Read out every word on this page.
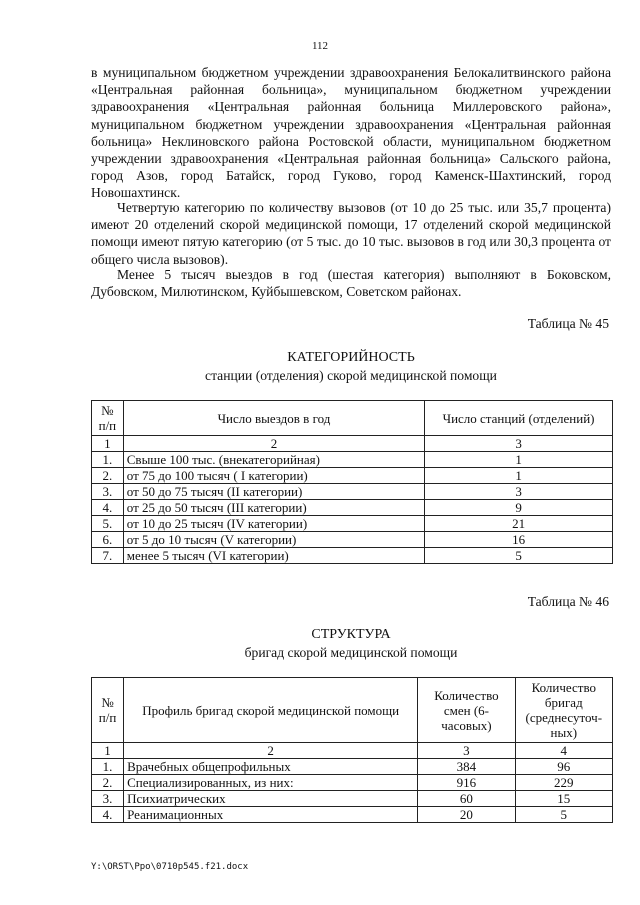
112

в муниципальном бюджетном учреждении здравоохранения Белокалитвинского района «Центральная районная больница», муниципальном бюджетном учреждении здравоохранения «Центральная районная больница Миллеровского района», муниципальном бюджетном учреждении здравоохранения «Центральная районная больница» Неклиновского района Ростовской области, муниципальном бюджетном учреждении здравоохранения «Центральная районная больница» Сальского района, город Азов, город Батайск, город Гуково, город Каменск-Шахтинский, город Новошахтинск.

Четвертую категорию по количеству вызовов (от 10 до 25 тыс. или 35,7 процента) имеют 20 отделений скорой медицинской помощи, 17 отделений скорой медицинской помощи имеют пятую категорию (от 5 тыс. до 10 тыс. вызовов в год или 30,3 процента от общего числа вызовов).

Менее 5 тысяч выездов в год (шестая категория) выполняют в Боковском, Дубовском, Милютинском, Куйбышевском, Советском районах.

Таблица № 45
КАТЕГОРИЙНОСТЬ
станции (отделения) скорой медицинской помощи
№ п/п	Число выездов в год	Число станций (отделений)
1	2	3
1.	Свыше 100 тыс. (внекатегорийная)	1
2.	от 75 до 100 тысяч ( I категории)	1
3.	от 50 до 75 тысяч (II категории)	3
4.	от 25 до 50 тысяч (III категории)	9
5.	от 10 до 25 тысяч (IV категории)	21
6.	от 5 до 10 тысяч (V категории)	16
7.	менее 5 тысяч (VI категории)	5
Таблица № 46
СТРУКТУРА
бригад скорой медицинской помощи
№ п/п	Профиль бригад скорой медицинской помощи	Количество смен (6-часовых)	Количество бригад (среднесуточ-ных)
1	2	3	4
1.	Врачебных общепрофильных	384	96
2.	Специализированных, из них:	916	229
3.	Психиатрических	60	15
4.	Реанимационных	20	5
Y:\ORST\Ppo\0710p545.f21.docx
